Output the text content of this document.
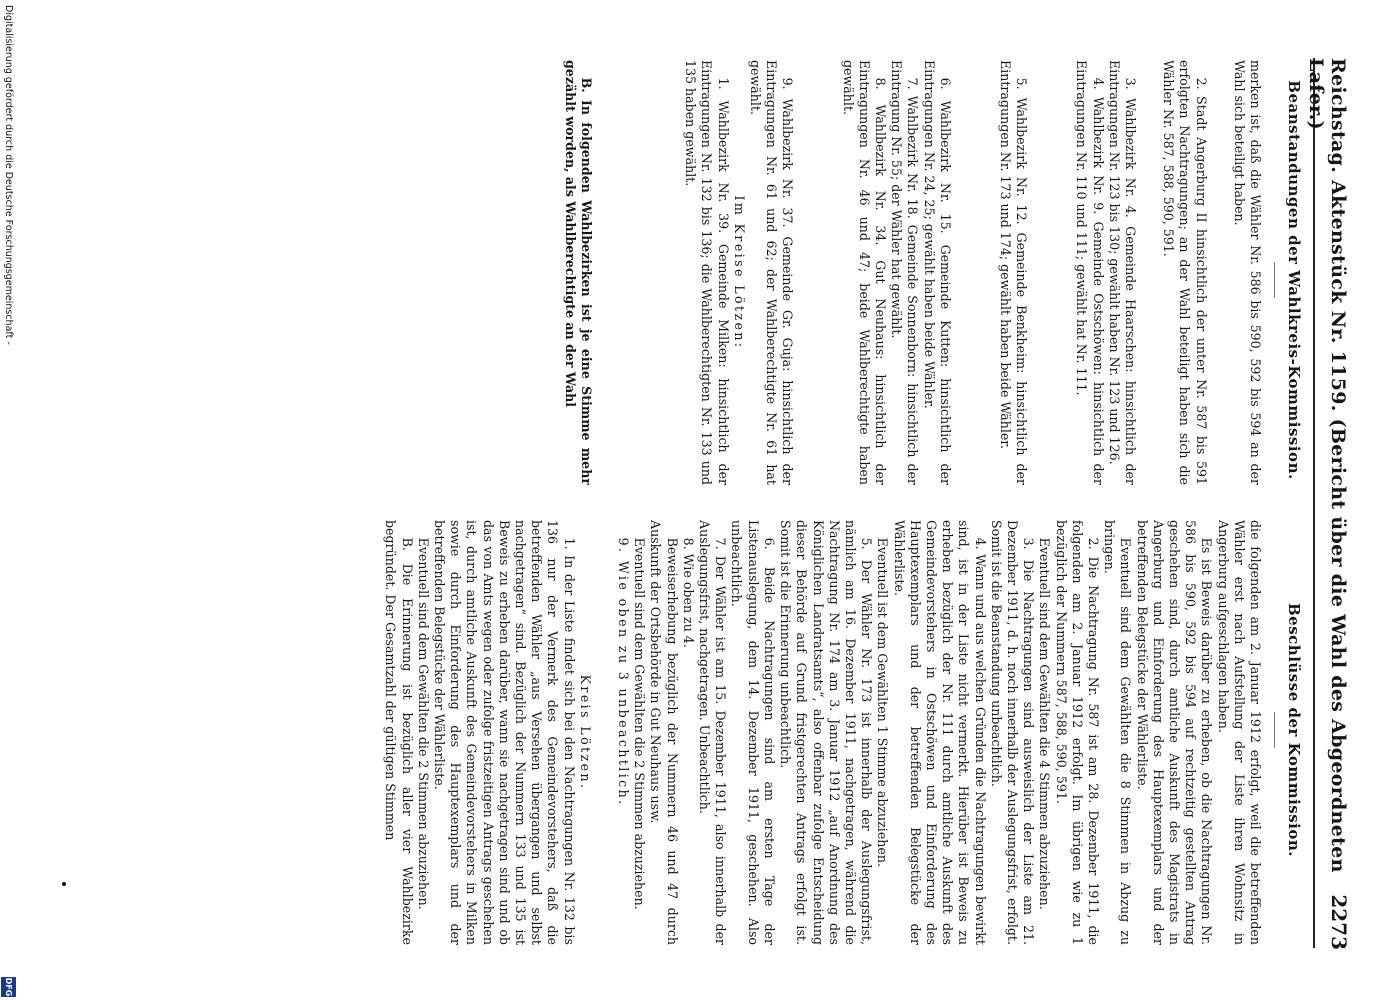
Reichstag. Aktenstück Nr. 1159. (Bericht über die Wahl des Abgeordneten Lafer.)
2273
Beanstandungen der Wahlkreis-Kommission.
Beschlüsse der Kommission.

merken ist, daß die Wähler Nr. 586 bis 590, 592 bis 594 an der Wahl sich beteiligt haben.

2. Stadt Angerburg II hinsichtlich der unter Nr. 587 bis 591 erfolgten Nachtragungen; an der Wahl beteiligt haben sich die Wähler Nr. 587, 588, 590, 591.

3. Wahlbezirk Nr. 4. Gemeinde Haarschen: hinsichtlich der Eintragungen Nr. 123 bis 130; gewählt haben Nr. 123 und 126.

4. Wahlbezirk Nr. 9. Gemeinde Ostschöwen: hinsichtlich der Eintragungen Nr. 110 und 111; gewählt hat Nr. 111.

5. Wahlbezirk Nr. 12. Gemeinde Benkheim: hinsichtlich der Eintragungen Nr. 173 und 174; gewählt haben beide Wähler.

6. Wahlbezirk Nr. 15. Gemeinde Kutten: hinsichtlich der Eintragungen Nr. 24, 25; gewählt haben beide Wähler.

7. Wahlbezirk Nr. 18. Gemeinde Sonnenborn: hinsichtlich der Eintragung Nr. 55; der Wähler hat gewählt.

8. Wahlbezirk Nr. 34. Gut Neuhaus: hinsichtlich der Eintragungen Nr. 46 und 47; beide Wahlberechtigte haben gewählt.

9. Wahlbezirk Nr. 37. Gemeinde Gr. Guja: hinsichtlich der Eintragungen Nr. 61 und 62; der Wahlberechtigte Nr. 61 hat gewählt.

Im Kreise Lötzen:

1. Wahlbezirk Nr. 39. Gemeinde Milken: hinsichtlich der Eintragungen Nr. 132 bis 136; die Wahlberechtigten Nr. 133 und 135 haben gewählt.

B. In folgenden Wahlbezirken ist je eine Stimme mehr gezählt worden, als Wahlberechtigte an der Wahl

die folgenden am 2. Januar 1912 erfolgt, weil die betreffenden Wähler erst nach Aufstellung der Liste ihren Wohnsitz in Angerburg aufgeschlagen haben.

Es ist Beweis darüber zu erheben, ob die Nachtragungen Nr. 586 bis 590, 592 bis 594 auf rechtzeitig gestellten Antrag geschehen sind, durch amtliche Auskunft des Magistrats in Angerburg und Einforderung des Hauptexemplars und der betreffenden Belegstücke der Wählerliste.

Eventuell sind dem Gewählten die 8 Stimmen in Abzug zu bringen.

2. Die Nachtragung Nr. 587 ist am 28. Dezember 1911, die folgenden am 2. Januar 1912 erfolgt. Im übrigen wie zu 1 bezüglich der Nummern 587, 588, 590, 591.

Eventuell sind dem Gewählten die 4 Stimmen abzuziehen.

3. Die Nachtragungen sind ausweislich der Liste am 21. Dezember 1911, d. h. noch innerhalb der Auslegungsfrist, erfolgt. Somit ist die Beanstandung unbeachtlich.

4. Wann und aus welchen Gründen die Nachtragungen bewirkt sind, ist in der Liste nicht vermerkt. Hierüber ist Beweis zu erheben bezüglich der Nr. 111 durch amtliche Auskunft des Gemeindevorstehers in Ostschöwen und Einforderung des Hauptexemplars und der betreffenden Belegstücke der Wählerliste.

Eventuell ist dem Gewählten 1 Stimme abzuziehen.

5. Der Wähler Nr. 173 ist innerhalb der Auslegungsfrist, nämlich am 16. Dezember 1911, nachgetragen, während die Nachtragung Nr. 174 am 3. Januar 1912 „auf Anordnung des Königlichen Landratsamts“, also offenbar zufolge Entscheidung dieser Behörde auf Grund fristgerechten Antrags erfolgt ist. Somit ist die Erinnerung unbeachtlich.

6. Beide Nachtragungen sind am ersten Tage der Listenauslegung, dem 14. Dezember 1911, geschehen. Also unbeachtlich.

7. Der Wähler ist am 15. Dezember 1911, also innerhalb der Auslegungsfrist, nachgetragen. Unbeachtlich.

8. Wie oben zu 4.

Beweiserhebung bezüglich der Nummern 46 und 47 durch Auskunft der Ortsbehörde in Gut Neuhaus usw.

Eventuell sind dem Gewählten die 2 Stimmen abzuziehen.

9. Wie oben zu 3 unbeachtlich.

Kreis Lötzen.

1. In der Liste findet sich bei den Nachtragungen Nr. 132 bis 136 nur der Vermerk des Gemeindevorstehers, daß die betreffenden Wähler „aus Versehen übergangen und selbst nachgetragen“ sind. Bezüglich der Nummern 133 und 135 ist Beweis zu erheben darüber, wann sie nachgetragen sind und ob das von Amts wegen oder zufolge fristzeitigen Antrags geschehen ist, durch amtliche Auskunft des Gemeindevorstehers in Milken sowie durch Einforderung des Hauptexemplars und der betreffenden Belegstücke der Wählerliste.

Eventuell sind dem Gewählten die 2 Stimmen abzuziehen.

B. Die Erinnerung ist bezüglich aller vier Wahlbezirke begründet. Der Gesamtzahl der gültigen Stimmen

Digitalisierung gefördert durch die Deutsche Forschungsgemeinschaft -
DFG
